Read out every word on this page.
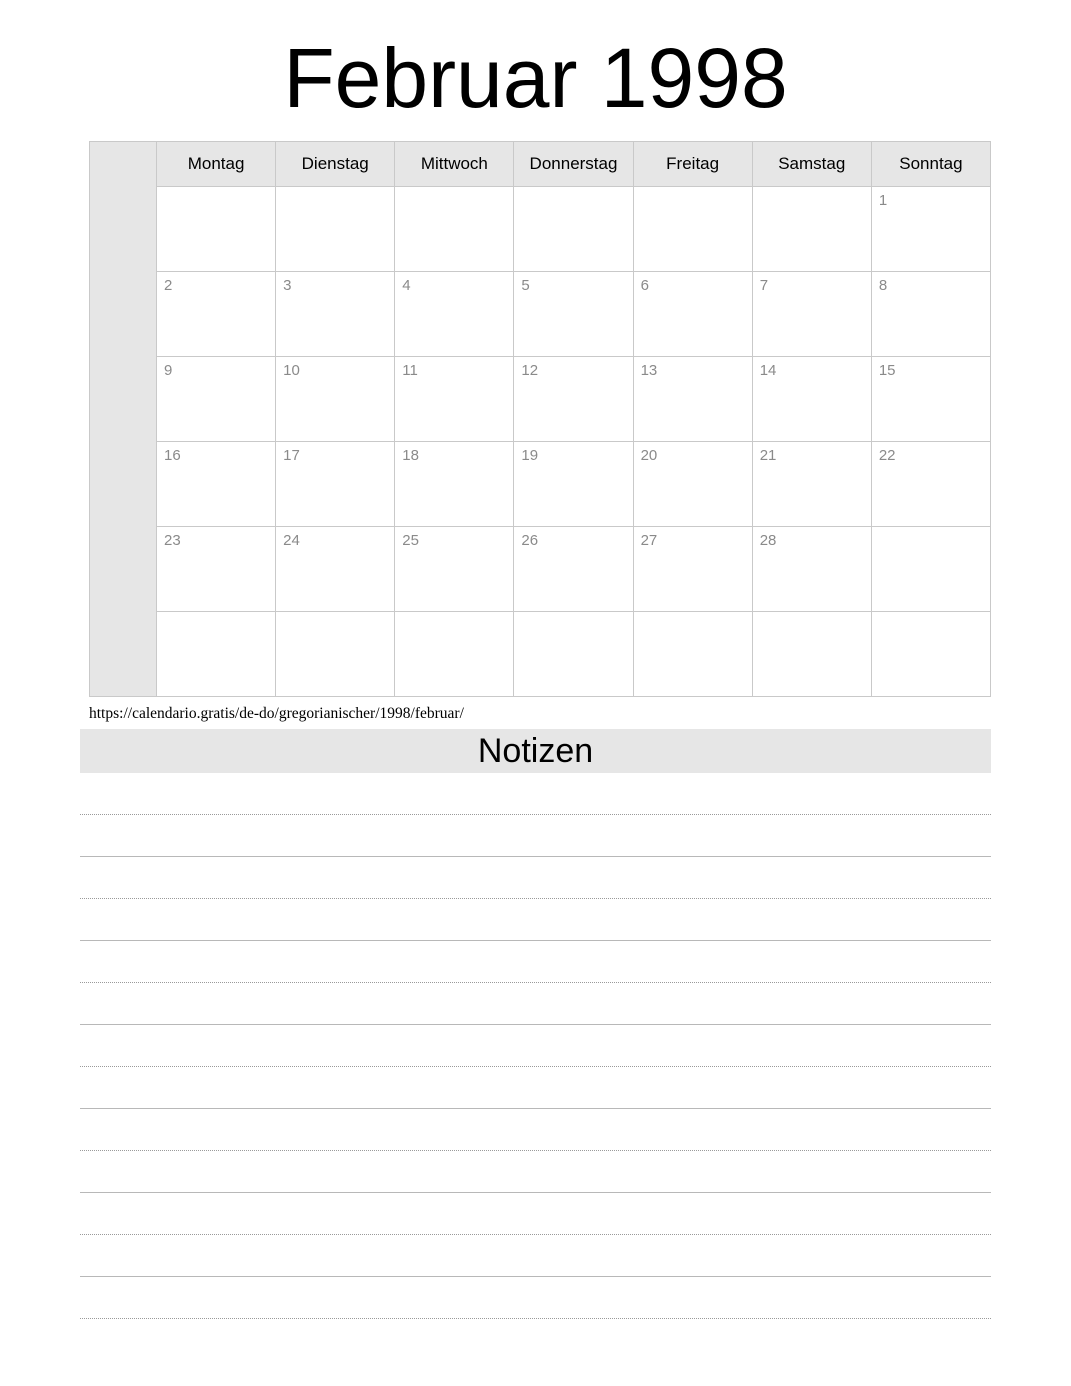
Februar 1998
	Montag	Dienstag	Mittwoch	Donnerstag	Freitag	Samstag	Sonntag

							1

	2	3	4	5	6	7	8

	9	10	11	12	13	14	15

	16	17	18	19	20	21	22

	23	24	25	26	27	28	

https://calendario.gratis/de-do/gregorianischer/1998/februar/
Notizen
